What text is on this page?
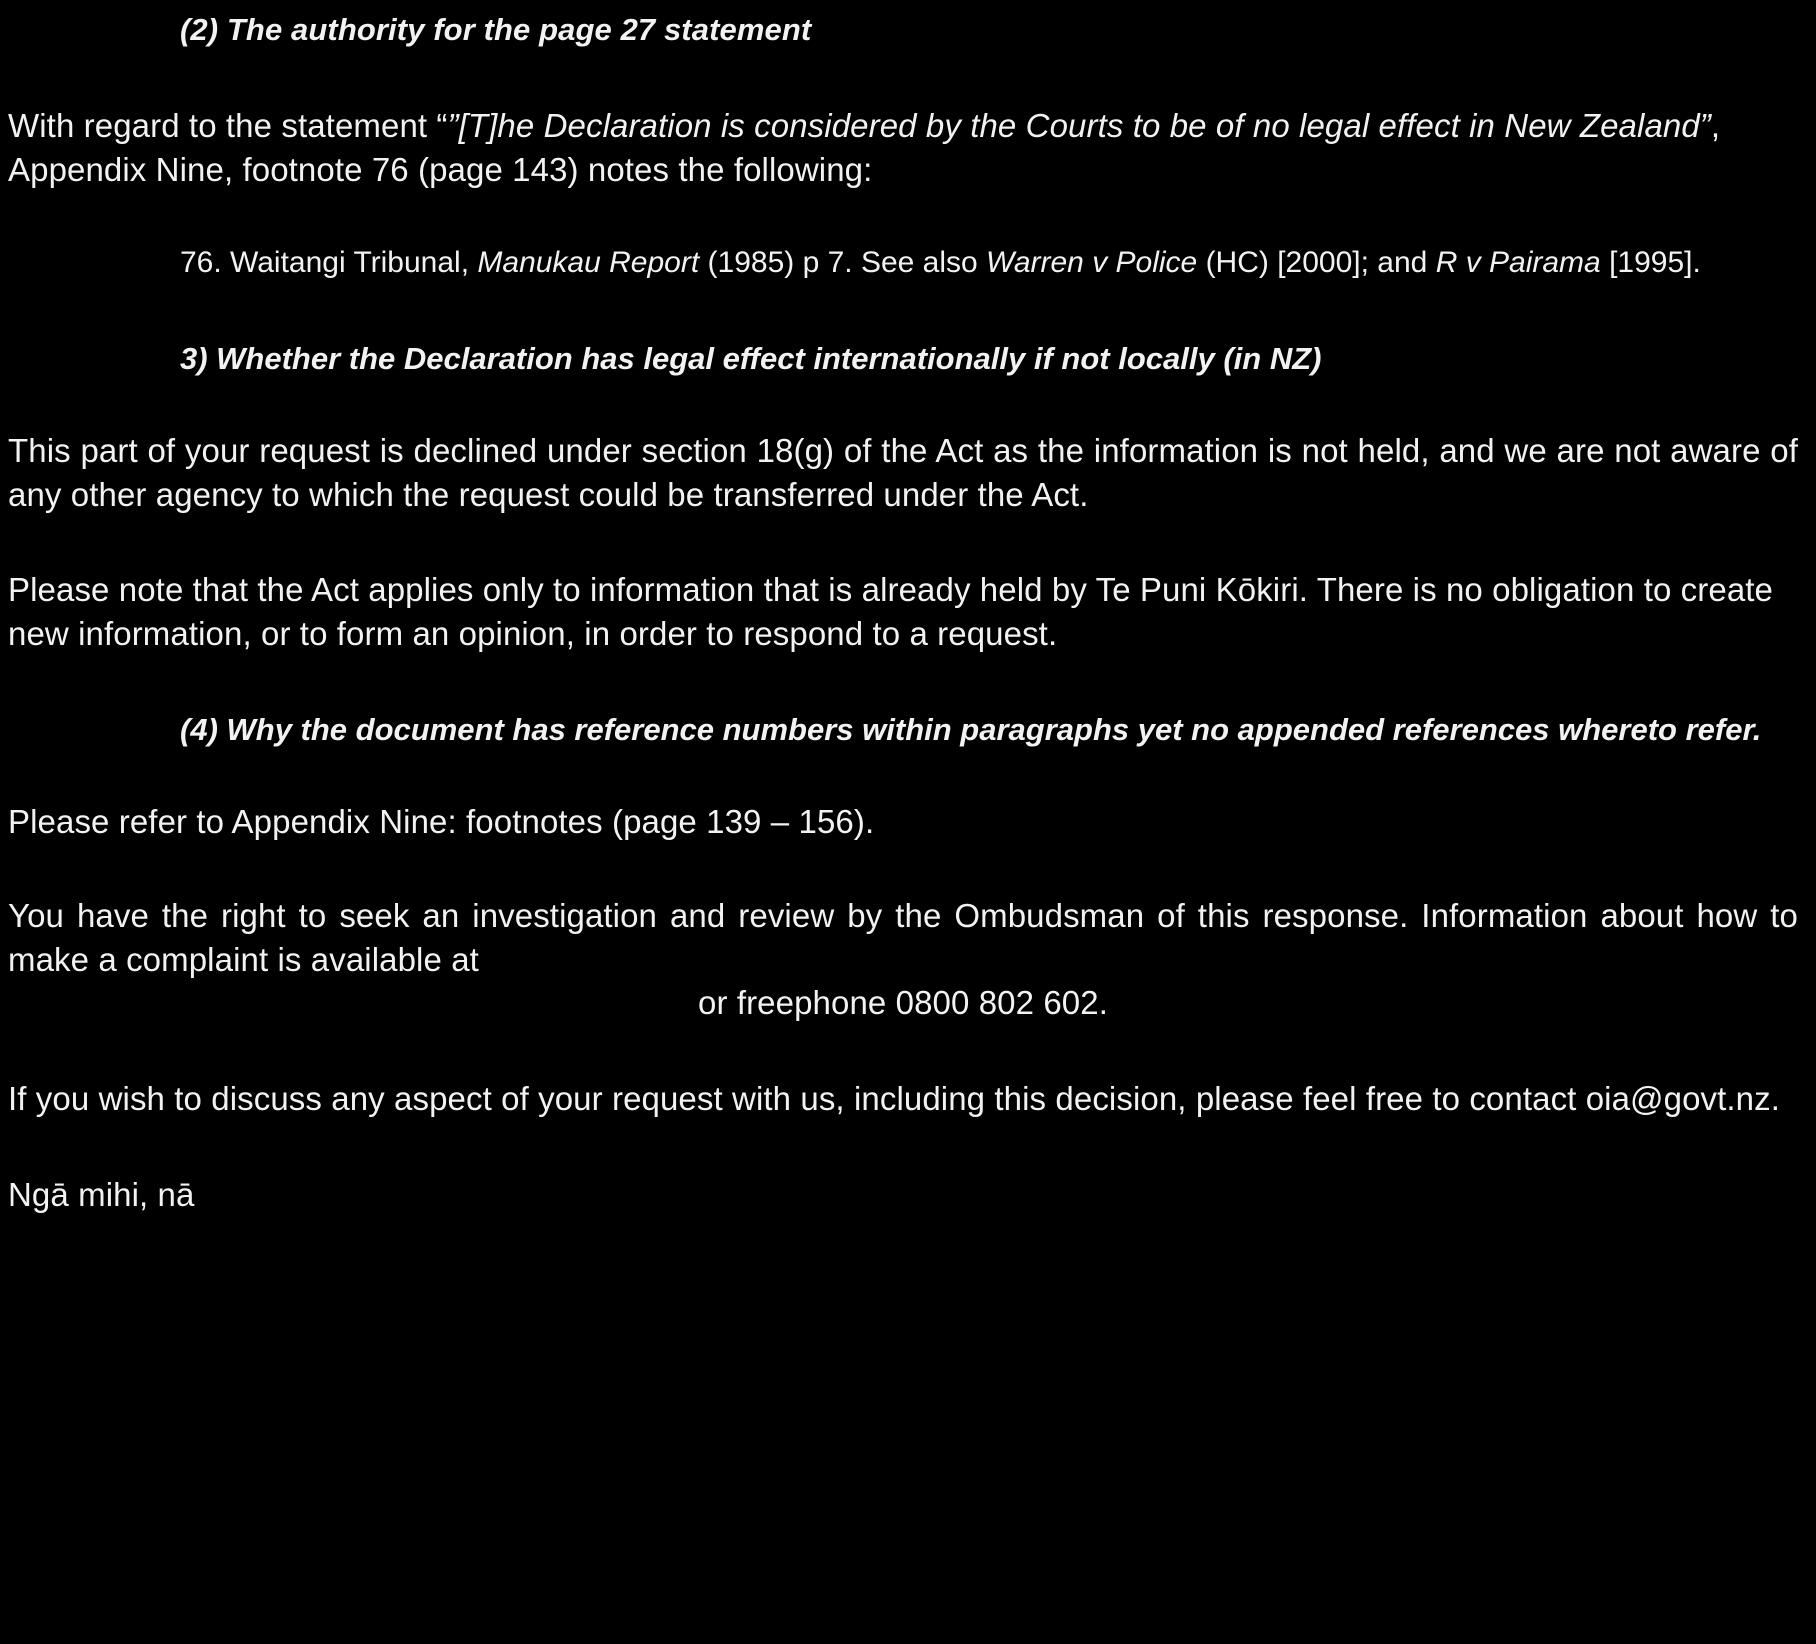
(2) The authority for the page 27 statement

With regard to the statement “”[T]he Declaration is considered by the Courts to be of no legal effect in New Zealand”, Appendix Nine, footnote 76 (page 143) notes the following:

76. Waitangi Tribunal, Manukau Report (1985) p 7. See also Warren v Police (HC) [2000]; and R v Pairama [1995].

3) Whether the Declaration has legal effect internationally if not locally (in NZ)

This part of your request is declined under section 18(g) of the Act as the information is not held, and we are not aware of any other agency to which the request could be transferred under the Act.

Please note that the Act applies only to information that is already held by Te Puni Kōkiri. There is no obligation to create new information, or to form an opinion, in order to respond to a request.

(4) Why the document has reference numbers within paragraphs yet no appended references whereto refer.

Please refer to Appendix Nine: footnotes (page 139 – 156).

You have the right to seek an investigation and review by the Ombudsman of this response. Information about how to make a complaint is available at

or freephone 0800 802 602.

If you wish to discuss any aspect of your request with us, including this decision, please feel free to contact oia@govt.nz.

Ngā mihi, nā
